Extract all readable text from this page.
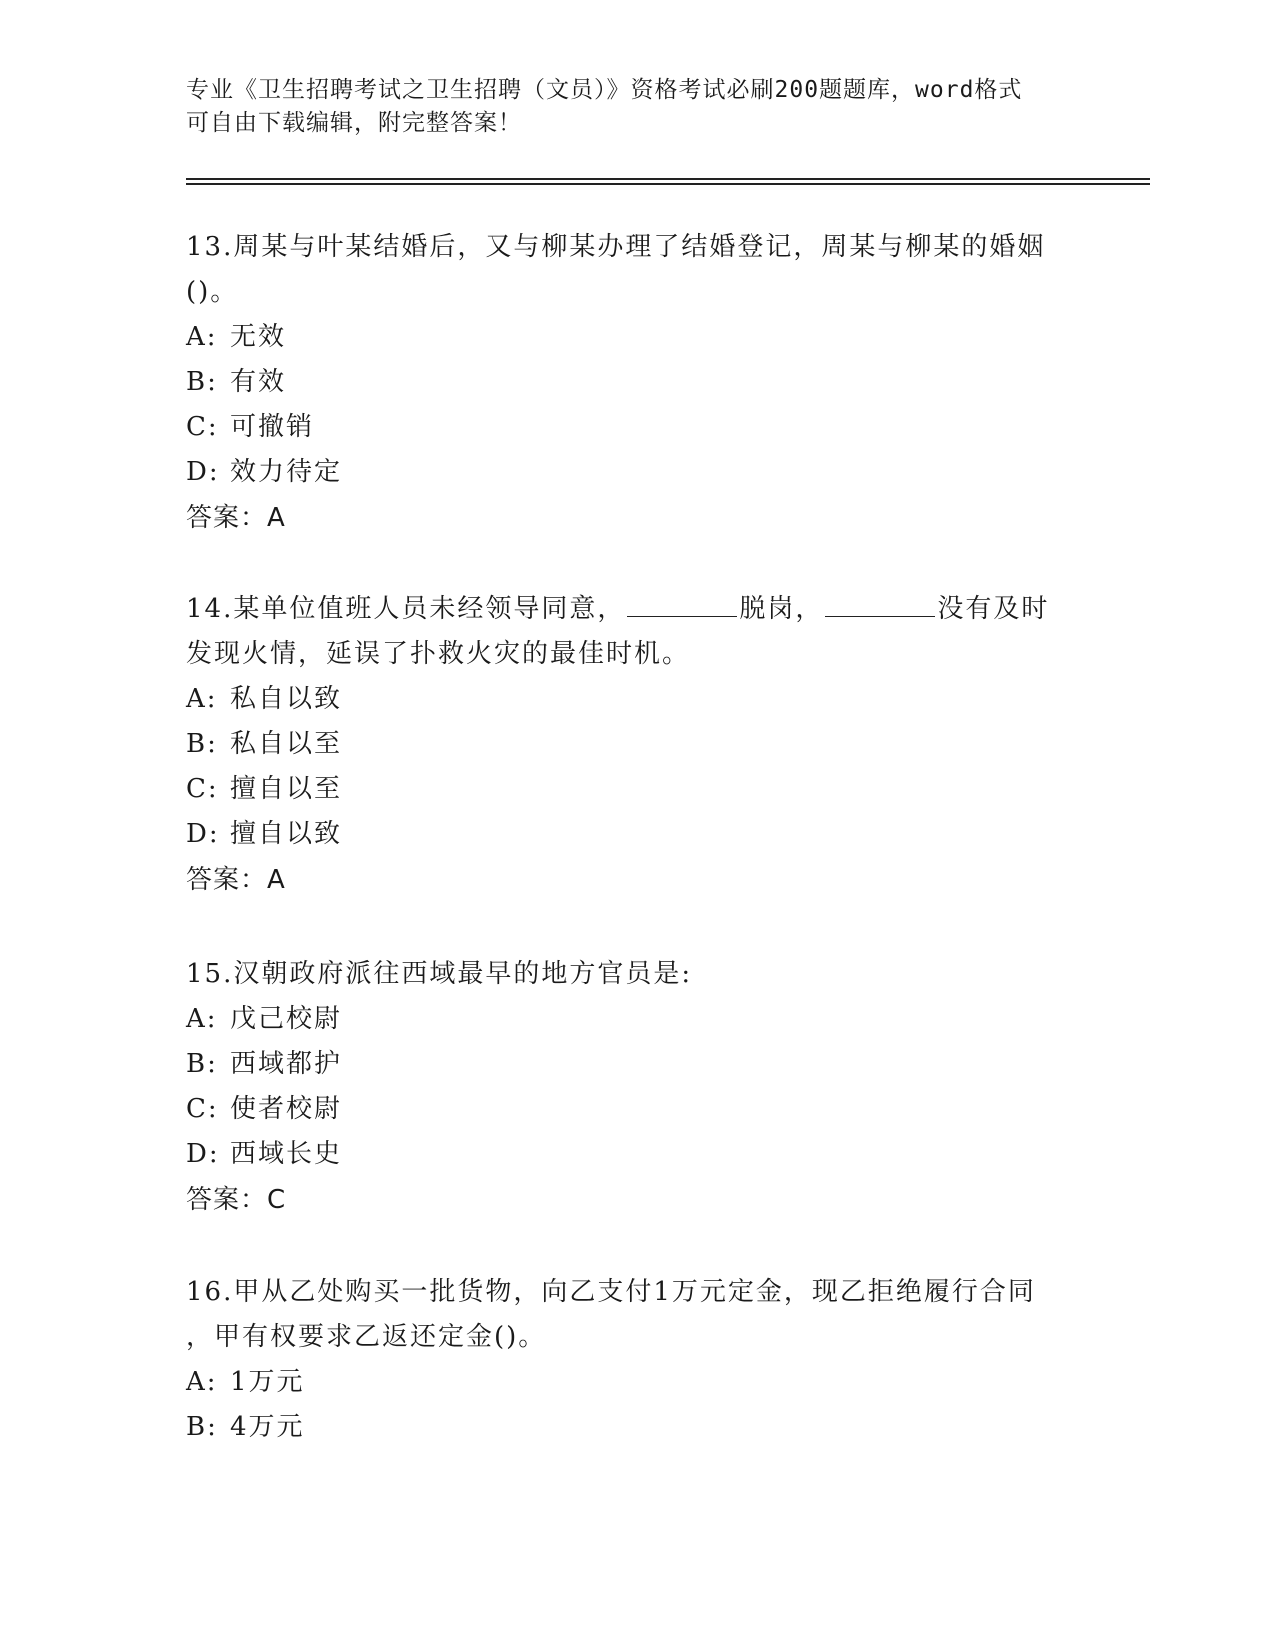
专业《卫生招聘考试之卫生招聘（文员）》资格考试必刷200题题库，word格式
可自由下载编辑，附完整答案！
13.周某与叶某结婚后，又与柳某办理了结婚登记，周某与柳某的婚姻
()。
A: 无效
B: 有效
C: 可撤销
D: 效力待定
答案：A
14.某单位值班人员未经领导同意，	脱岗，	没有及时
发现火情，延误了扑救火灾的最佳时机。
A: 私自以致
B: 私自以至
C: 擅自以至
D: 擅自以致
答案：A
15.汉朝政府派往西域最早的地方官员是:
A: 戊己校尉
B: 西域都护
C: 使者校尉
D: 西域长史
答案：C
16.甲从乙处购买一批货物，向乙支付1万元定金，现乙拒绝履行合同
，甲有权要求乙返还定金()。
A: 1万元
B: 4万元
